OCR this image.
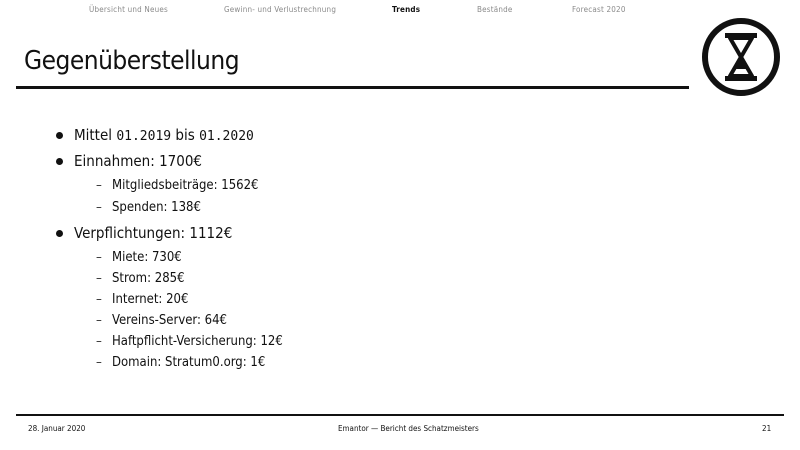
Übersicht und Neues	Gewinn- und Verlustrechnung	Trends	Bestände	Forecast 2020
Gegenüberstellung
Mittel 01.2019 bis 01.2020
Einnahmen: 1700€
– Mitgliedsbeiträge: 1562€
– Spenden: 138€
Verpflichtungen: 1112€
– Miete: 730€
– Strom: 285€
– Internet: 20€
– Vereins-Server: 64€
– Haftpflicht-Versicherung: 12€
– Domain: Stratum0.org: 1€
28. Januar 2020	Emantor — Bericht des Schatzmeisters	21
